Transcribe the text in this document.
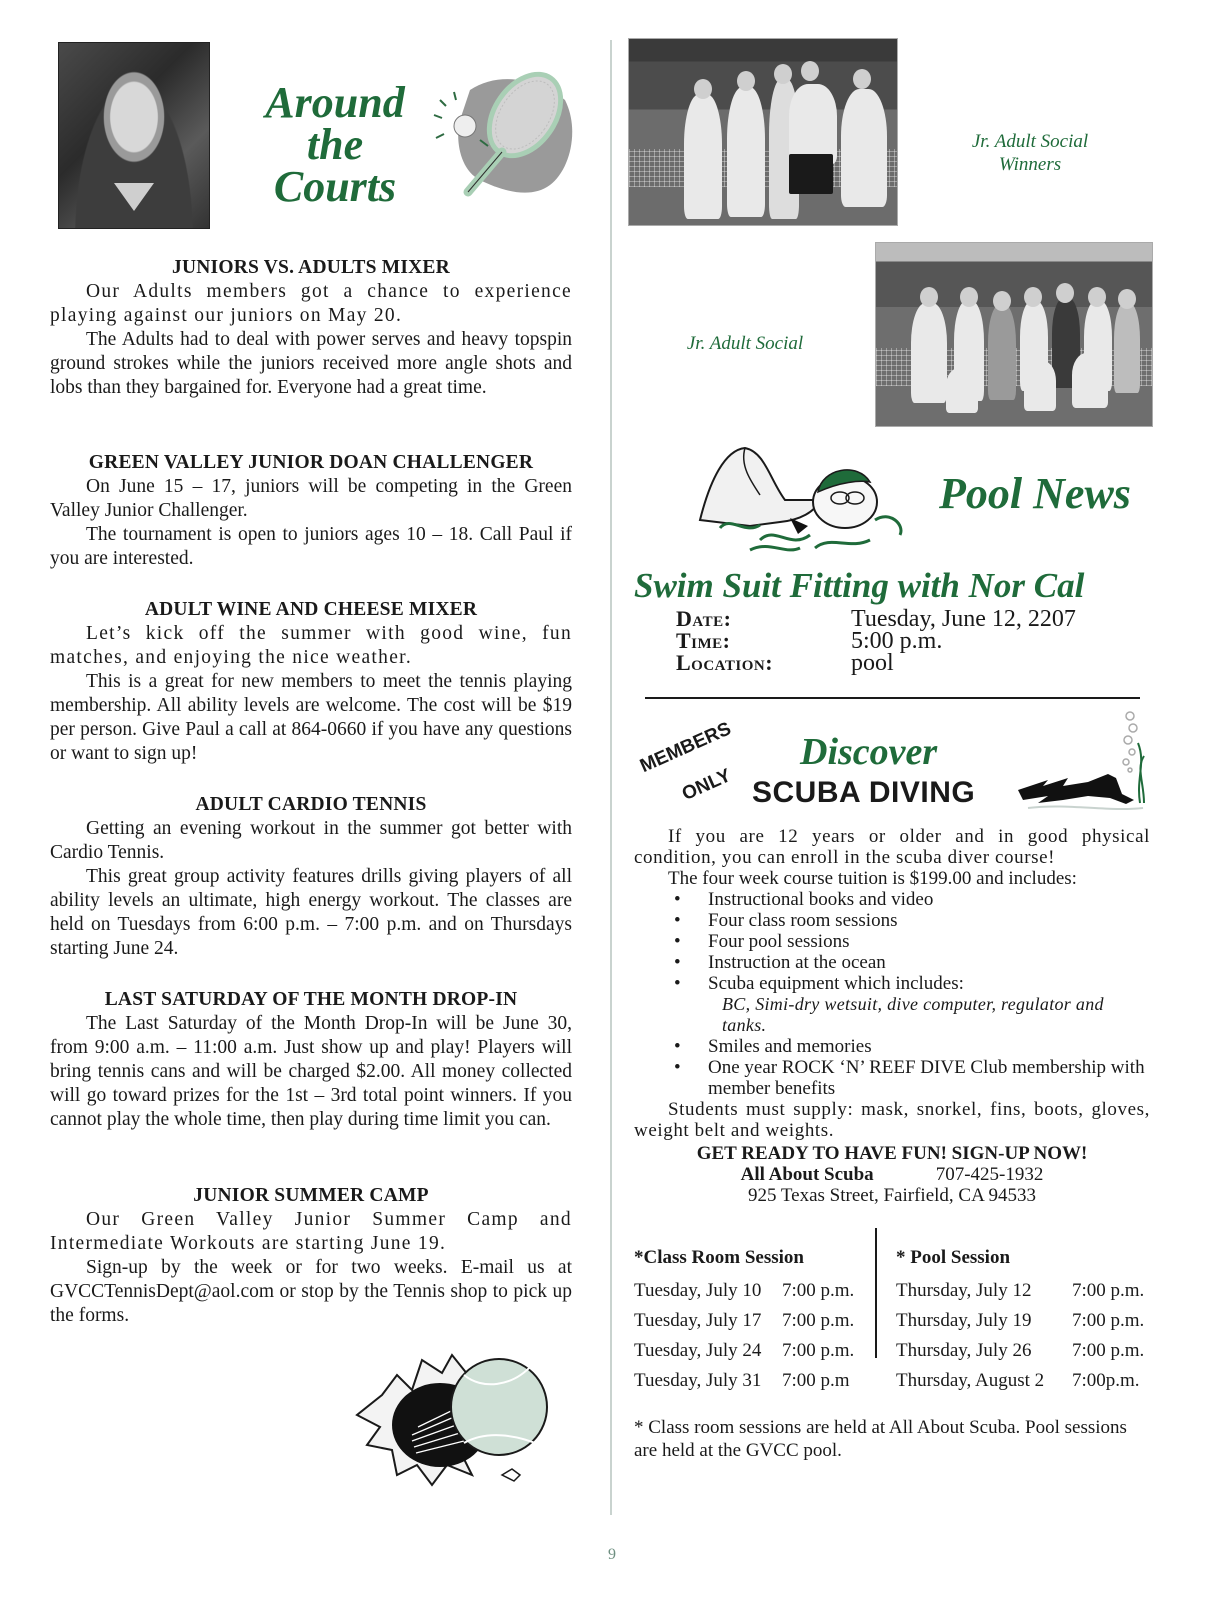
Around
the
Courts
JUNIORS VS. ADULTS MIXER

Our Adults members got a chance to experience playing against our juniors on May 20.

The Adults had to deal with power serves and heavy topspin ground strokes while the juniors received more angle shots and lobs than they bargained for. Everyone had a great time.

GREEN VALLEY JUNIOR DOAN CHALLENGER

On June 15 – 17, juniors will be competing in the Green Valley Junior Challenger.

The tournament is open to juniors ages 10 – 18. Call Paul if you are interested.

ADULT WINE AND CHEESE MIXER

Let’s kick off the summer with good wine, fun matches, and enjoying the nice weather.

This is a great for new members to meet the tennis playing membership. All ability levels are welcome. The cost will be $19 per person. Give Paul a call at 864-0660 if you have any questions or want to sign up!

ADULT CARDIO TENNIS

Getting an evening workout in the summer got better with Cardio Tennis.

This great group activity features drills giving players of all ability levels an ultimate, high energy workout. The classes are held on Tuesdays from 6:00 p.m. – 7:00 p.m. and on Thursdays starting June 24.

LAST SATURDAY OF THE MONTH DROP-IN

The Last Saturday of the Month Drop-In will be June 30, from 9:00 a.m. – 11:00 a.m. Just show up and play! Players will bring tennis cans and will be charged $2.00. All money collected will go toward prizes for the 1st – 3rd total point winners. If you cannot play the whole time, then play during time limit you can.

JUNIOR SUMMER CAMP

Our Green Valley Junior Summer Camp and Intermediate Workouts are starting June 19.

Sign-up by the week or for two weeks. E-mail us at GVCCTennisDept@aol.com or stop by the Tennis shop to pick up the forms.

Jr. Adult Social
Winners
Jr. Adult Social
Pool News
Swim Suit Fitting with Nor Cal
Date:	Tuesday, June 12, 2207
Time:	5:00 p.m.
Location:	pool
MEMBERS
ONLY
Discover
SCUBA DIVING

If you are 12 years or older and in good physical condition, you can enroll in the scuba diver course!

The four week course tuition is $199.00 and includes:

• Instructional books and video
• Four class room sessions
• Four pool sessions
• Instruction at the ocean
• Scuba equipment which includes:
BC, Simi-dry wetsuit, dive computer, regulator and tanks.
• Smiles and memories
• One year ROCK ‘N’ REEF DIVE Club membership with member benefits

Students must supply: mask, snorkel, fins, boots, gloves, weight belt and weights.

GET READY TO HAVE FUN! SIGN-UP NOW!
All About Scuba	707-425-1932
925 Texas Street, Fairfield, CA 94533
*Class Room Session
Tuesday, July 10	7:00 p.m.
Tuesday, July 17	7:00 p.m.
Tuesday, July 24	7:00 p.m.
Tuesday, July 31	7:00 p.m
* Pool Session
Thursday, July 12	7:00 p.m.
Thursday, July 19	7:00 p.m.
Thursday, July 26	7:00 p.m.
Thursday, August 2	7:00p.m.
* Class room sessions are held at All About Scuba. Pool sessions are held at the GVCC pool.
9
